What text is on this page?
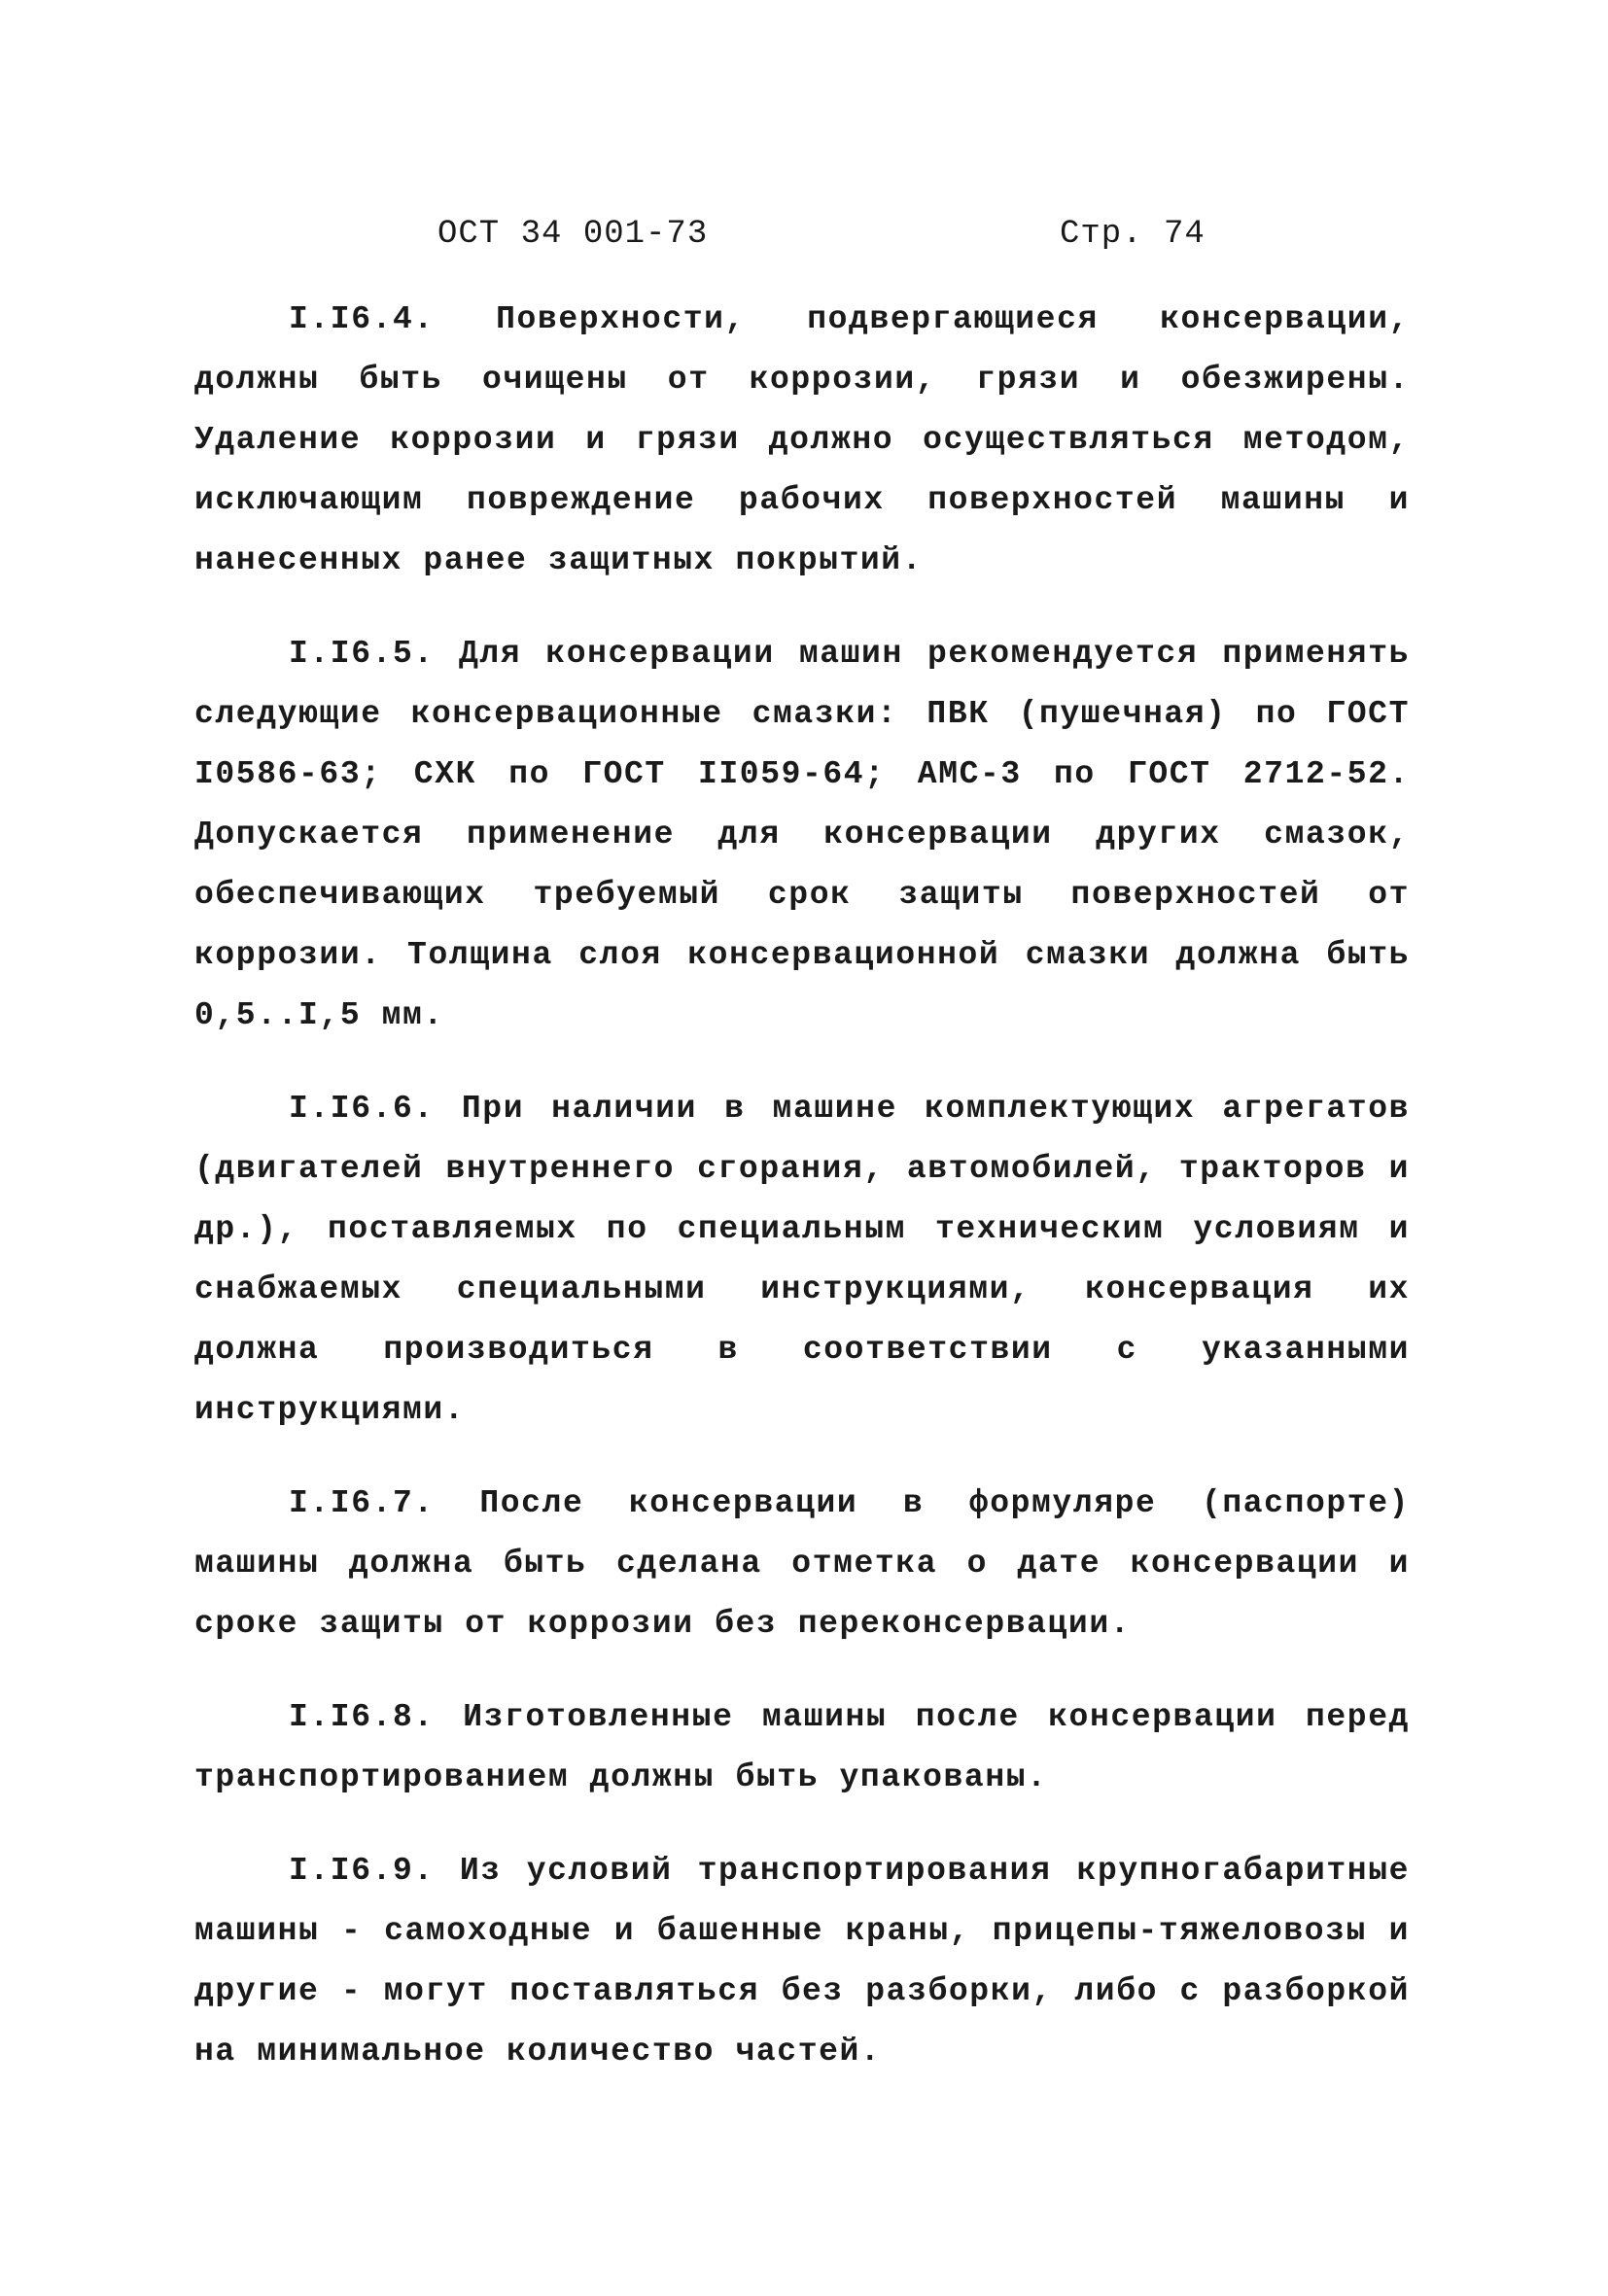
ОСТ 34 001-73	Стр. 74

I.I6.4. Поверхности, подвергающиеся консервации, должны быть очищены от коррозии, грязи и обезжирены. Удаление коррозии и грязи должно осуществляться методом, исключающим повреждение рабочих поверхностей машины и нанесенных ранее защитных покрытий.

I.I6.5. Для консервации машин рекомендуется применять следующие консервационные смазки: ПВК (пушечная) по ГОСТ I0586-63; СХК по ГОСТ II059-64; АМС-3 по ГОСТ 2712-52. Допускается применение для консервации других смазок, обеспечивающих требуемый срок защиты поверхностей от коррозии. Толщина слоя консервационной смазки должна быть 0,5..I,5 мм.

I.I6.6. При наличии в машине комплектующих агрегатов (двигателей внутреннего сгорания, автомобилей, тракторов и др.), поставляемых по специальным техническим условиям и снабжаемых специальными инструкциями, консервация их должна производиться в соответствии с указанными инструкциями.

I.I6.7. После консервации в формуляре (паспорте) машины должна быть сделана отметка о дате консервации и сроке защиты от коррозии без переконсервации.

I.I6.8. Изготовленные машины после консервации перед транспортированием должны быть упакованы.

I.I6.9. Из условий транспортирования крупногабаритные машины - самоходные и башенные краны, прицепы-тяжеловозы и другие - могут поставляться без разборки, либо с разборкой на минимальное количество частей.
